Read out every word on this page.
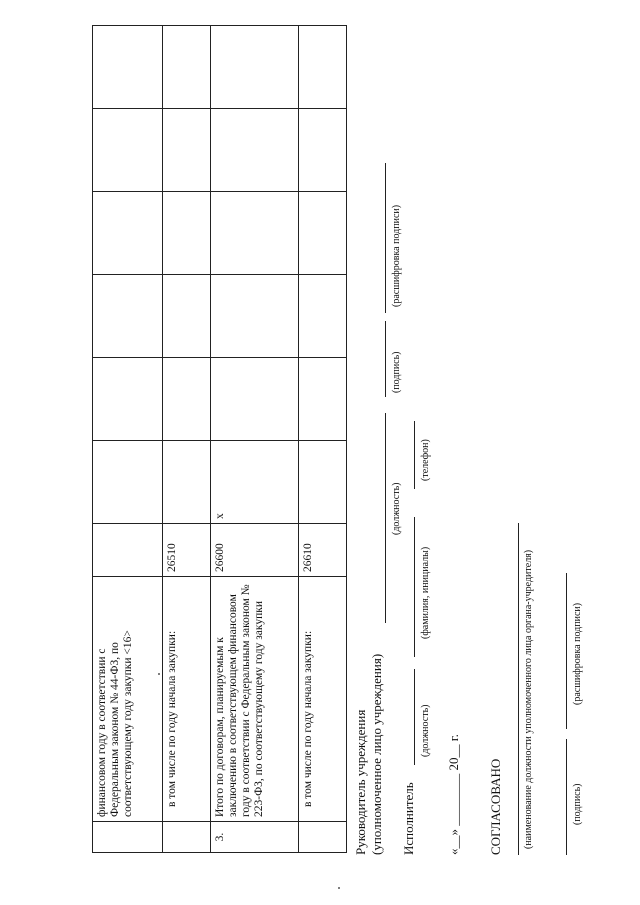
	финансовом году в соответствии с Федеральным законом № 44-ФЗ, по соответствующему году закупки <16>							
	в том числе по году начала закупки:	26510						
3.	Итого по договорам, планируемым к заключению в соответствующем финансовом году в соответствии с Федеральным законом № 223-ФЗ, по соответствующему году закупки	26600	x					
	в том числе по году начала закупки:	26610						
Руководитель учреждения (уполномоченное лицо учреждения)
(должность)
(подпись)
(расшифровка подписи)
Исполнитель
(должность)
(фамилия, инициалы)
(телефон)
«__» ________ 20__ г. СОГЛАСОВАНО (наименование должности уполномоченного лица органа-учредителя)	(подпись)
(расшифровка подписи)
